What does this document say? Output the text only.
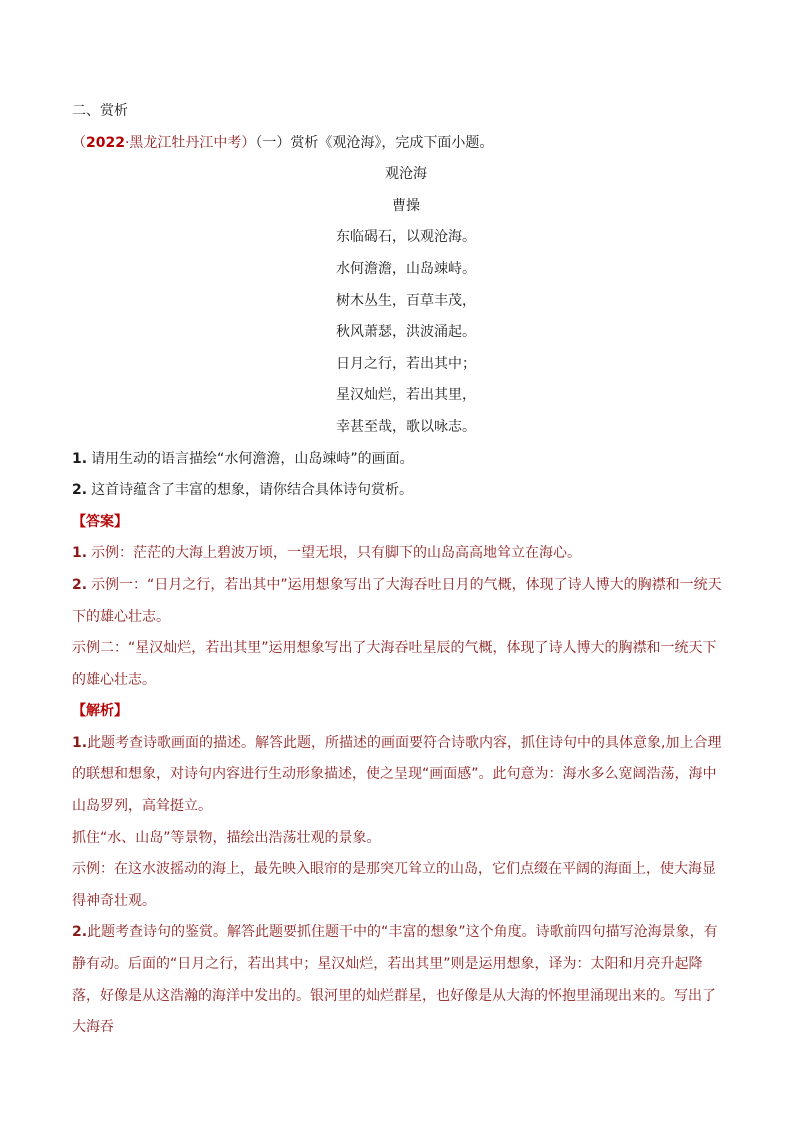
二、赏析
（2022·黑龙江牡丹江中考）（一）赏析《观沧海》，完成下面小题。
观沧海
曹操
东临碣石，以观沧海。
水何澹澹，山岛竦峙。
树木丛生，百草丰茂，
秋风萧瑟，洪波涌起。
日月之行，若出其中；
星汉灿烂，若出其里，
幸甚至哉，歌以咏志。
1. 请用生动的语言描绘“水何澹澹，山岛竦峙”的画面。
2. 这首诗蕴含了丰富的想象，请你结合具体诗句赏析。
【答案】
1. 示例：茫茫的大海上碧波万顷，一望无垠，只有脚下的山岛高高地耸立在海心。
2. 示例一：“日月之行，若出其中”运用想象写出了大海吞吐日月的气概，体现了诗人博大的胸襟和一统天下的雄心壮志。
示例二：“星汉灿烂，若出其里”运用想象写出了大海吞吐星辰的气概，体现了诗人博大的胸襟和一统天下的雄心壮志。
【解析】
1.此题考查诗歌画面的描述。解答此题，所描述的画面要符合诗歌内容，抓住诗句中的具体意象,加上合理的联想和想象，对诗句内容进行生动形象描述，使之呈现“画面感”。此句意为：海水多么宽阔浩荡，海中山岛罗列，高耸挺立。
抓住“水、山岛”等景物，描绘出浩荡壮观的景象。
示例：在这水波摇动的海上，最先映入眼帘的是那突兀耸立的山岛，它们点缀在平阔的海面上，使大海显得神奇壮观。
2.此题考查诗句的鉴赏。解答此题要抓住题干中的“丰富的想象”这个角度。诗歌前四句描写沧海景象，有静有动。后面的“日月之行，若出其中；星汉灿烂，若出其里”则是运用想象，译为：太阳和月亮升起降落，好像是从这浩瀚的海洋中发出的。银河里的灿烂群星，也好像是从大海的怀抱里涌现出来的。写出了大海吞
